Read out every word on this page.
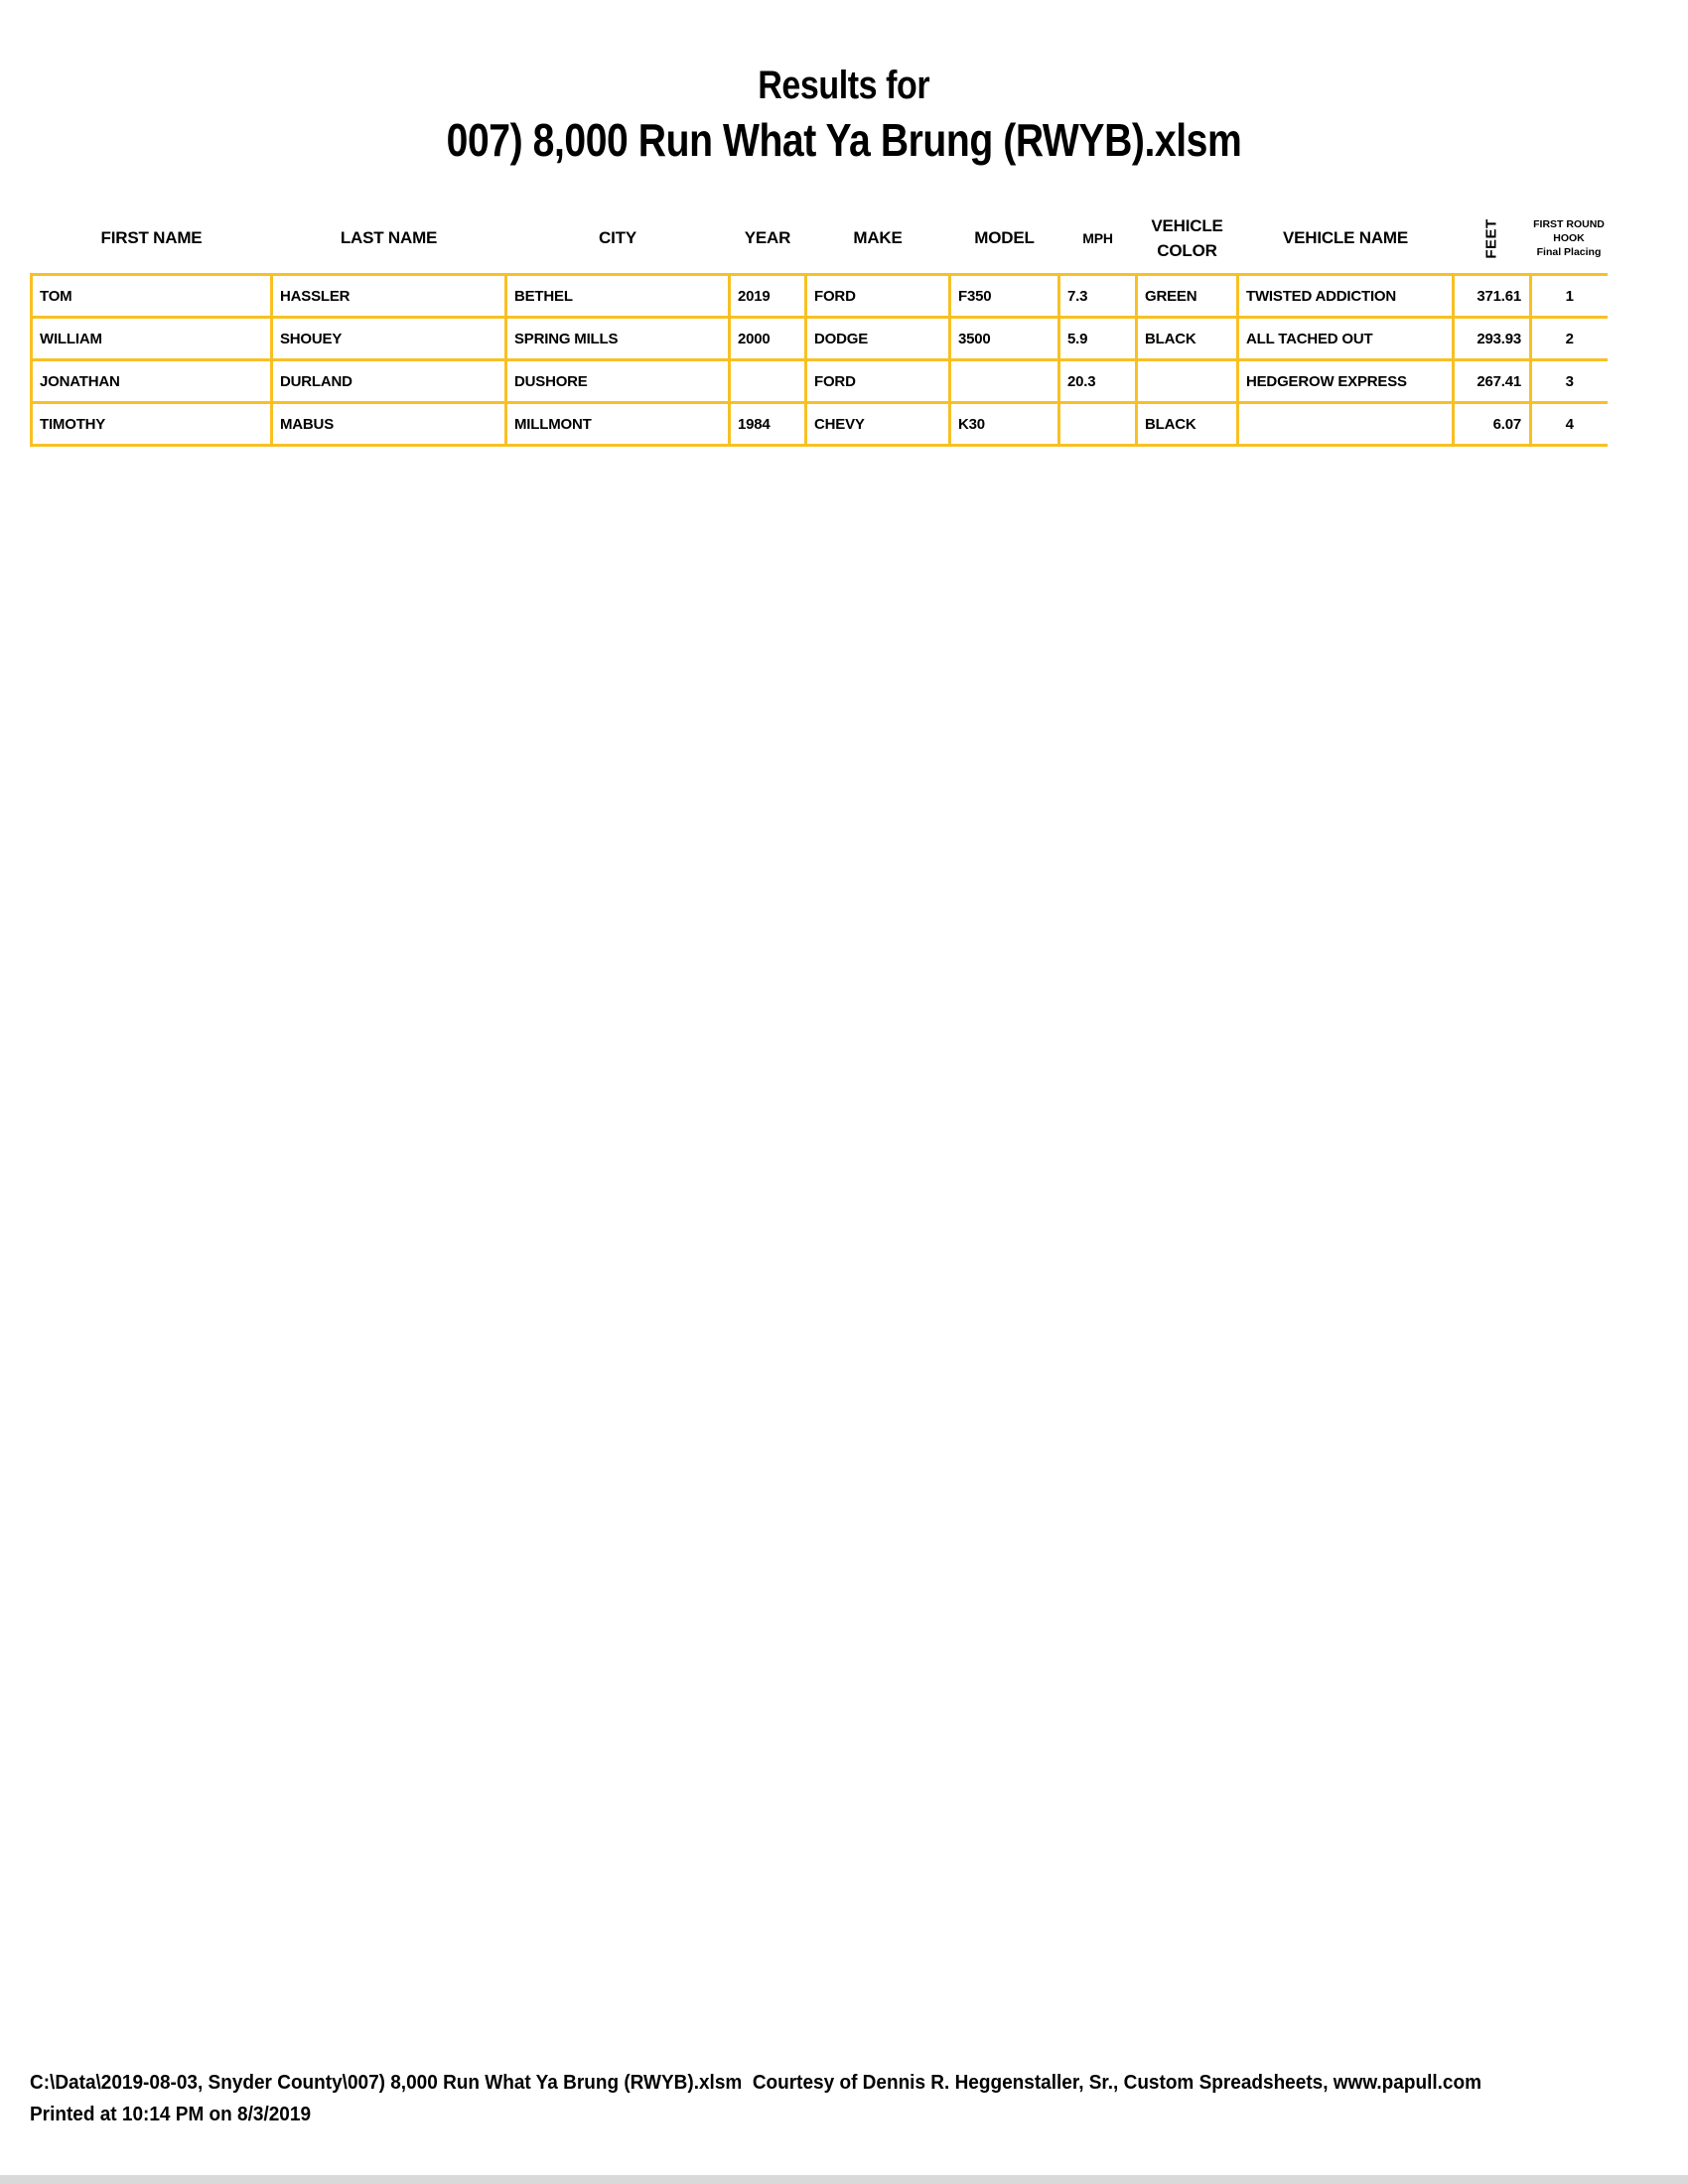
Results for
007) 8,000 Run What Ya Brung (RWYB).xlsm
FIRST NAME	LAST NAME	CITY	YEAR	MAKE	MODEL	MPH	VEHICLE COLOR	VEHICLE NAME	FEET	FIRST ROUND
HOOK
Final Placing

TOM	HASSLER	BETHEL	2019	FORD	F350	7.3	GREEN	TWISTED ADDICTION	371.61	1
WILLIAM	SHOUEY	SPRING MILLS	2000	DODGE	3500	5.9	BLACK	ALL TACHED OUT	293.93	2
JONATHAN	DURLAND	DUSHORE		FORD		20.3		HEDGEROW EXPRESS	267.41	3
TIMOTHY	MABUS	MILLMONT	1984	CHEVY	K30		BLACK		6.07	4
C:\Data\2019-08-03, Snyder County\007) 8,000 Run What Ya Brung (RWYB).xlsm  Courtesy of Dennis R. Heggenstaller, Sr., Custom Spreadsheets, www.papull.com
Printed at 10:14 PM on 8/3/2019
